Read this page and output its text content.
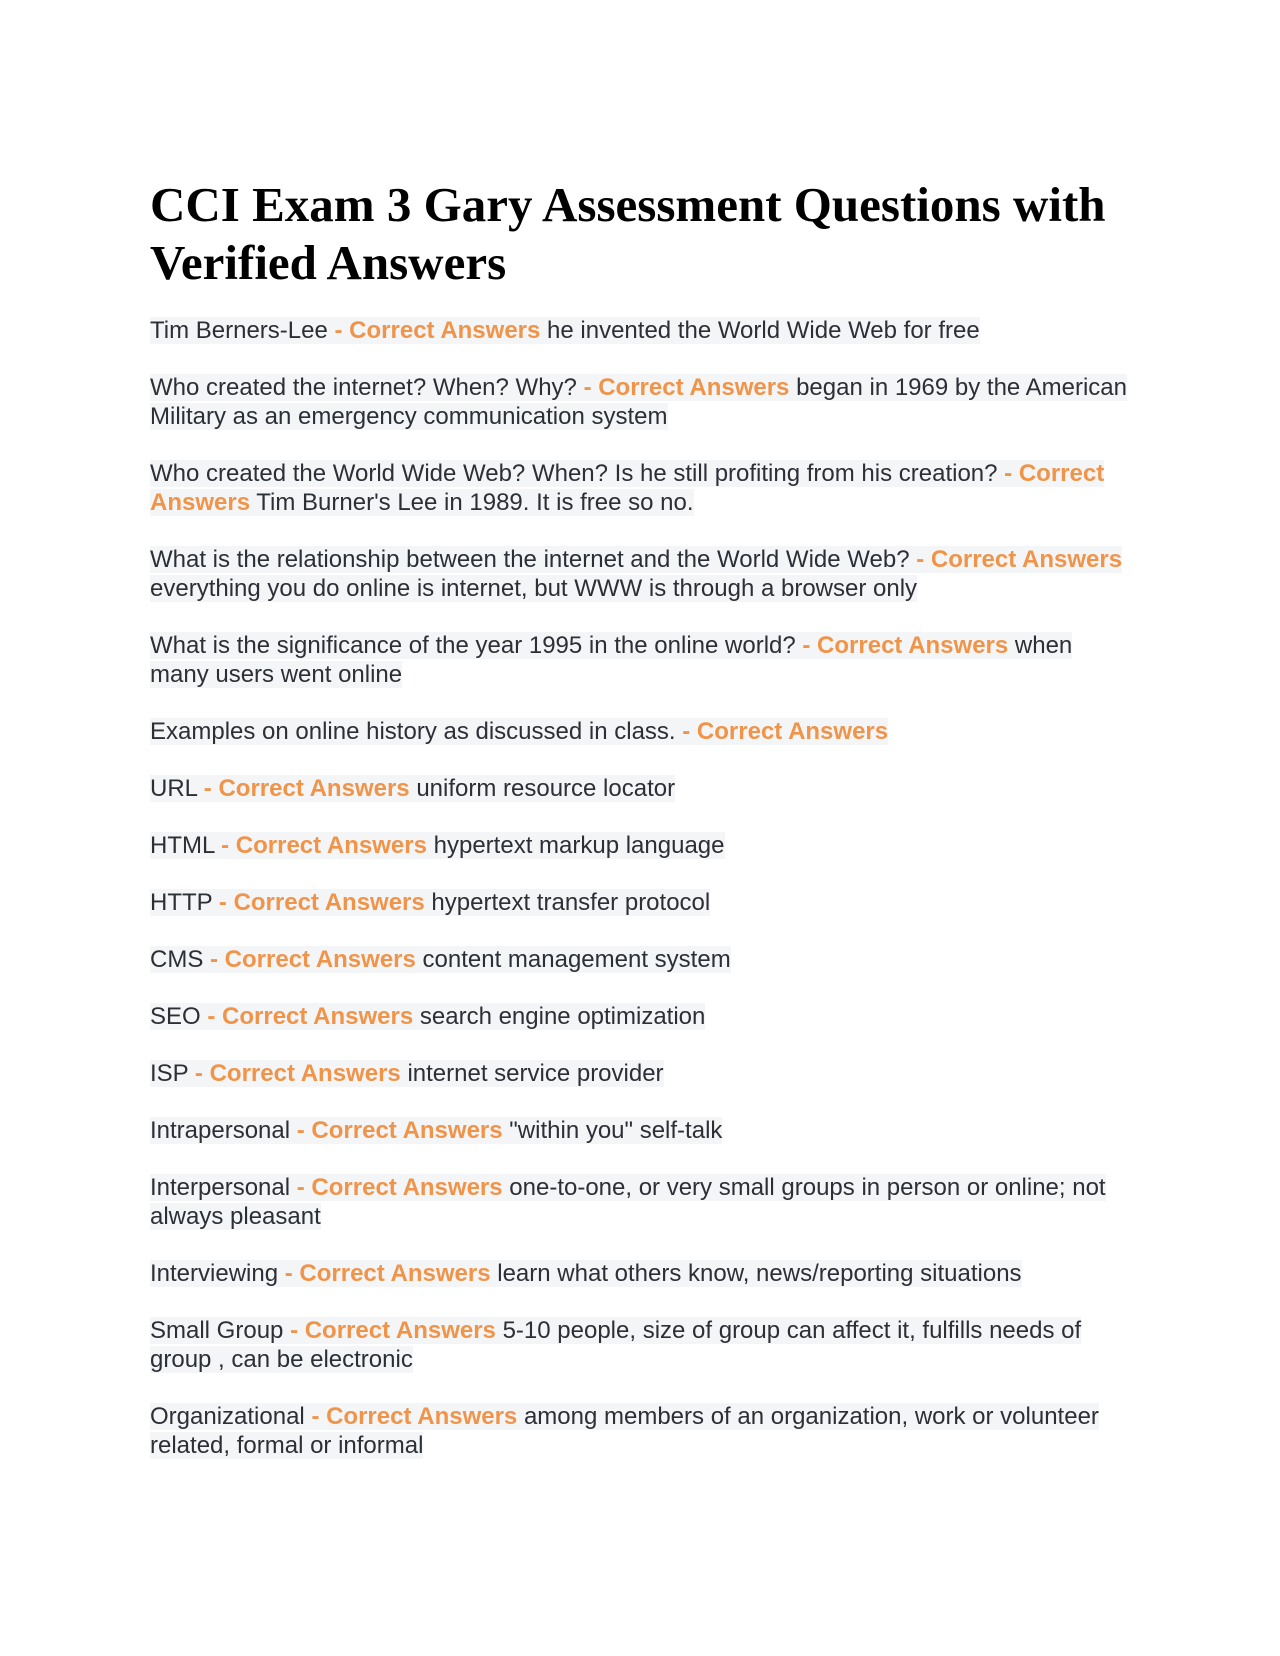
CCI Exam 3 Gary Assessment Questions with Verified Answers
Tim Berners-Lee - Correct Answers he invented the World Wide Web for free
Who created the internet? When? Why? - Correct Answers began in 1969 by the American Military as an emergency communication system
Who created the World Wide Web? When? Is he still profiting from his creation? - Correct Answers Tim Burner's Lee in 1989. It is free so no.
What is the relationship between the internet and the World Wide Web? - Correct Answers everything you do online is internet, but WWW is through a browser only
What is the significance of the year 1995 in the online world? - Correct Answers when many users went online
Examples on online history as discussed in class. - Correct Answers
URL - Correct Answers uniform resource locator
HTML - Correct Answers hypertext markup language
HTTP - Correct Answers hypertext transfer protocol
CMS - Correct Answers content management system
SEO - Correct Answers search engine optimization
ISP - Correct Answers internet service provider
Intrapersonal - Correct Answers "within you" self-talk
Interpersonal - Correct Answers one-to-one, or very small groups in person or online; not always pleasant
Interviewing - Correct Answers learn what others know, news/reporting situations
Small Group - Correct Answers 5-10 people, size of group can affect it, fulfills needs of group , can be electronic
Organizational - Correct Answers among members of an organization, work or volunteer related, formal or informal
